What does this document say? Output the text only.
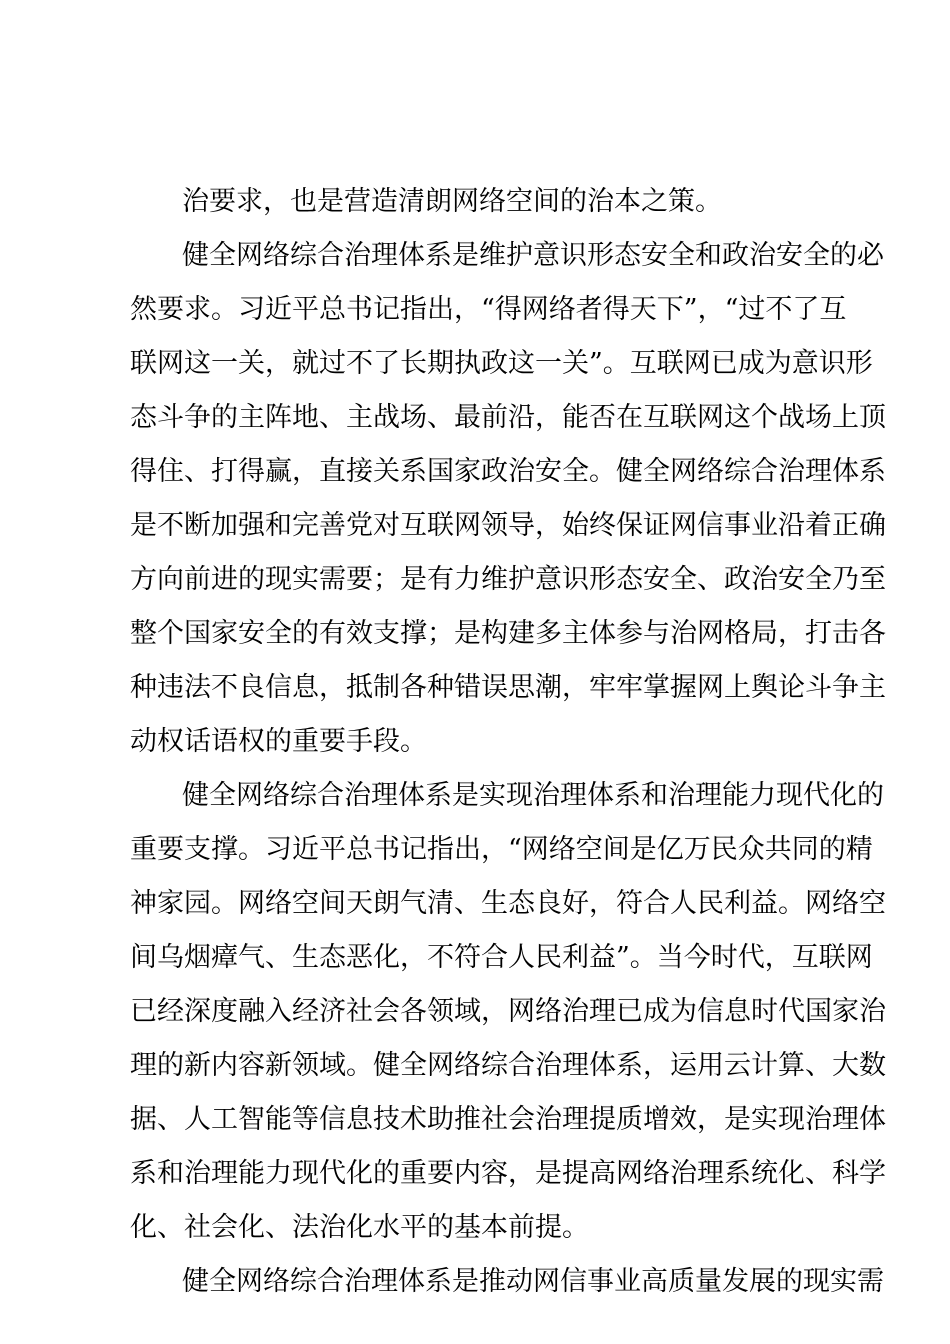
治要求，也是营造清朗网络空间的治本之策。
健全网络综合治理体系是维护意识形态安全和政治安全的必
然要求。习近平总书记指出，“得网络者得天下”，“过不了互
联网这一关，就过不了长期执政这一关”。互联网已成为意识形
态斗争的主阵地、主战场、最前沿，能否在互联网这个战场上顶
得住、打得赢，直接关系国家政治安全。健全网络综合治理体系
是不断加强和完善党对互联网领导，始终保证网信事业沿着正确
方向前进的现实需要；是有力维护意识形态安全、政治安全乃至
整个国家安全的有效支撑；是构建多主体参与治网格局，打击各
种违法不良信息，抵制各种错误思潮，牢牢掌握网上舆论斗争主
动权话语权的重要手段。
健全网络综合治理体系是实现治理体系和治理能力现代化的
重要支撑。习近平总书记指出，“网络空间是亿万民众共同的精
神家园。网络空间天朗气清、生态良好，符合人民利益。网络空
间乌烟瘴气、生态恶化，不符合人民利益”。当今时代，互联网
已经深度融入经济社会各领域，网络治理已成为信息时代国家治
理的新内容新领域。健全网络综合治理体系，运用云计算、大数
据、人工智能等信息技术助推社会治理提质增效，是实现治理体
系和治理能力现代化的重要内容，是提高网络治理系统化、科学
化、社会化、法治化水平的基本前提。
健全网络综合治理体系是推动网信事业高质量发展的现实需
